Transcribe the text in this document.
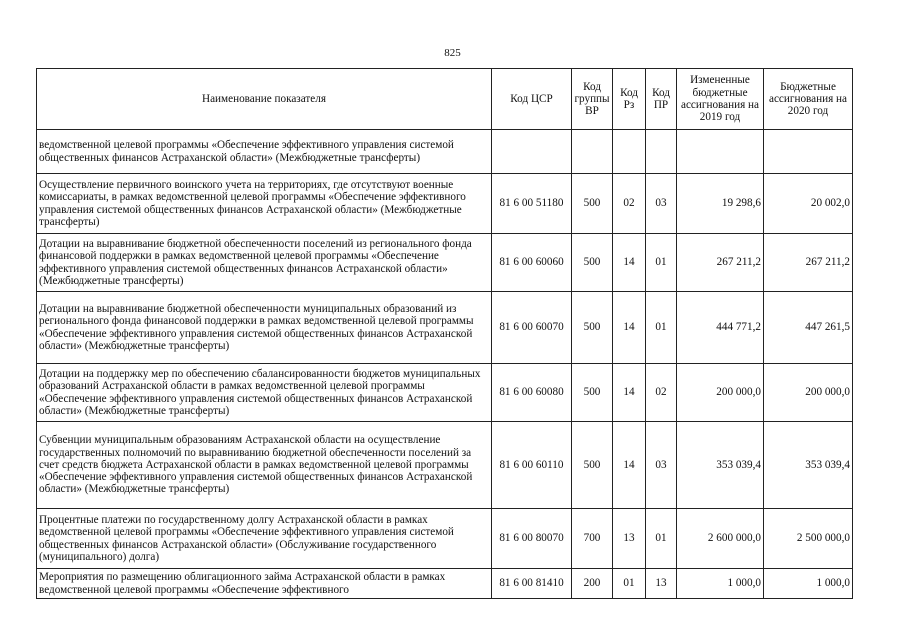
825
Наименование показателя	Код ЦСР	Код группы ВР	Код Рз	Код ПР	Измененные бюджетные ассигнования на 2019 год	Бюджетные ассигнования на 2020 год
ведомственной целевой программы «Обеспечение эффективного управления системой общественных финансов Астраханской области» (Межбюджетные трансферты)						
Осуществление первичного воинского учета на территориях, где отсутствуют военные комиссариаты, в рамках ведомственной целевой программы «Обеспечение эффективного управления системой общественных финансов Астраханской области» (Межбюджетные трансферты)	81 6 00 51180	500	02	03	19 298,6	20 002,0
Дотации на выравнивание бюджетной обеспеченности поселений из регионального фонда финансовой поддержки в рамках ведомственной целевой программы «Обеспечение эффективного управления системой общественных финансов Астраханской области» (Межбюджетные трансферты)	81 6 00 60060	500	14	01	267 211,2	267 211,2
Дотации на выравнивание бюджетной обеспеченности муниципальных образований из регионального фонда финансовой поддержки в рамках ведомственной целевой программы «Обеспечение эффективного управления системой общественных финансов Астраханской области» (Межбюджетные трансферты)	81 6 00 60070	500	14	01	444 771,2	447 261,5
Дотации на поддержку мер по обеспечению сбалансированности бюджетов муниципальных образований Астраханской области в рамках ведомственной целевой программы «Обеспечение эффективного управления системой общественных финансов Астраханской области» (Межбюджетные трансферты)	81 6 00 60080	500	14	02	200 000,0	200 000,0
Субвенции муниципальным образованиям Астраханской области на осуществление государственных полномочий по выравниванию бюджетной обеспеченности поселений за счет средств бюджета Астраханской области в рамках ведомственной целевой программы «Обеспечение эффективного управления системой общественных финансов Астраханской области» (Межбюджетные трансферты)	81 6 00 60110	500	14	03	353 039,4	353 039,4
Процентные платежи по государственному долгу Астраханской области в рамках ведомственной целевой программы «Обеспечение эффективного управления системой общественных финансов Астраханской области» (Обслуживание государственного (муниципального) долга)	81 6 00 80070	700	13	01	2 600 000,0	2 500 000,0
Мероприятия по размещению облигационного займа Астраханской области в рамках ведомственной целевой программы «Обеспечение эффективного	81 6 00 81410	200	01	13	1 000,0	1 000,0
